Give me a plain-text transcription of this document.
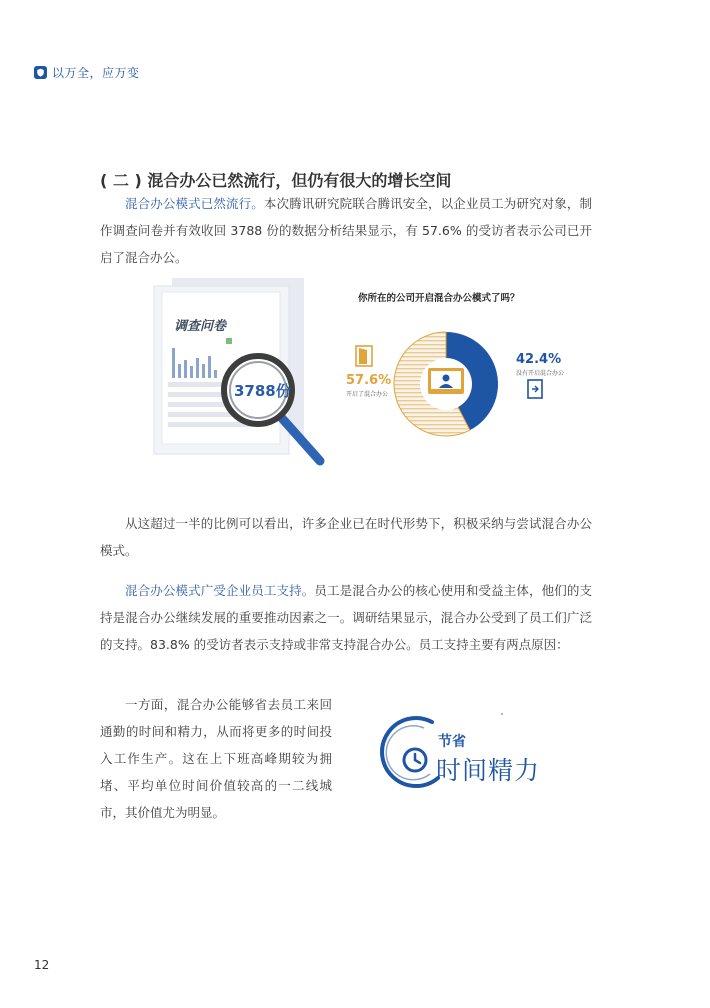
以万全，应万变
( 二 ) 混合办公已然流行，但仍有很大的增长空间

混合办公模式已然流行。本次腾讯研究院联合腾讯安全，以企业员工为研究对象，制作调查问卷并有效收回 3788 份的数据分析结果显示，有 57.6% 的受访者表示公司已开启了混合办公。

调查问卷
3788份
你所在的公司开启混合办公模式了吗？
57.6%
开启了混合办公
42.4%
没有开启混合办公

从这超过一半的比例可以看出，许多企业已在时代形势下，积极采纳与尝试混合办公模式。

混合办公模式广受企业员工支持。员工是混合办公的核心使用和受益主体，他们的支持是混合办公继续发展的重要推动因素之一。调研结果显示，混合办公受到了员工们广泛的支持。83.8% 的受访者表示支持或非常支持混合办公。员工支持主要有两点原因：

一方面，混合办公能够省去员工来回通勤的时间和精力，从而将更多的时间投入工作生产。这在上下班高峰期较为拥堵、平均单位时间价值较高的一二线城市，其价值尤为明显。

节省
时间精力
12
